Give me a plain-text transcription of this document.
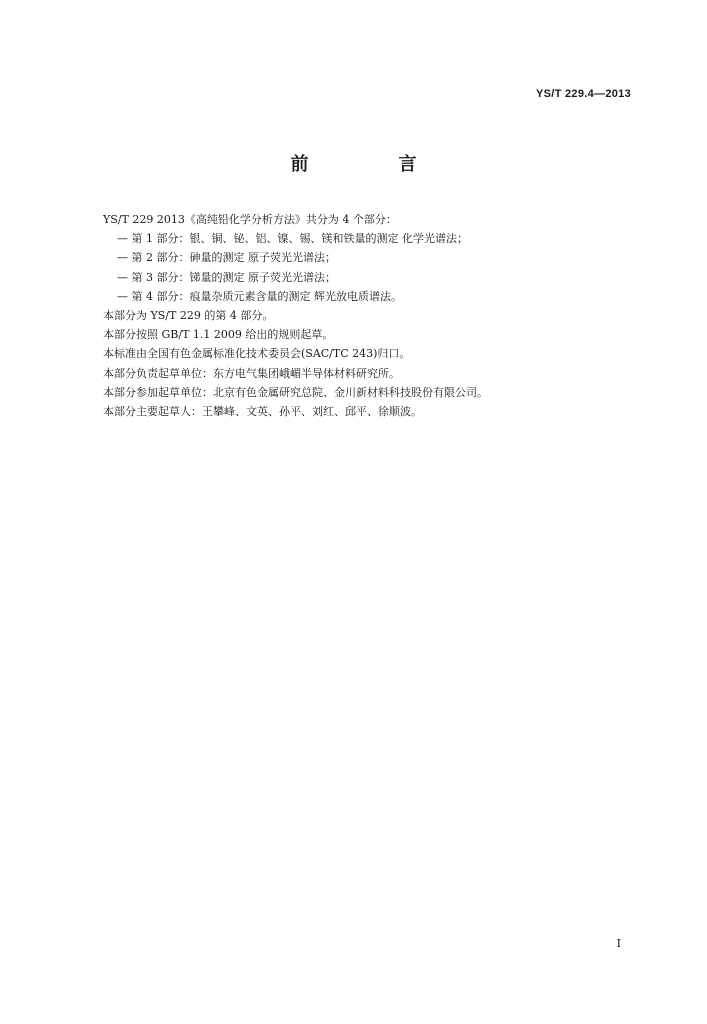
YS/T 229.4—2013
前　言
YS/T 229 2013《高纯铅化学分析方法》共分为 4 个部分：
— 第 1 部分：银、铜、铋、铝、镍、锡、镁和铁量的测定 化学光谱法；
— 第 2 部分：砷量的测定 原子荧光光谱法；
— 第 3 部分：锑量的测定 原子荧光光谱法；
— 第 4 部分：痕量杂质元素含量的测定 辉光放电质谱法。
本部分为 YS/T 229 的第 4 部分。
本部分按照 GB/T 1.1 2009 给出的规则起草。
本标准由全国有色金属标准化技术委员会(SAC/TC 243)归口。
本部分负责起草单位：东方电气集团峨嵋半导体材料研究所。
本部分参加起草单位：北京有色金属研究总院、金川新材料科技股份有限公司。
本部分主要起草人：王攀峰、文英、孙平、刘红、邱平、徐顺波。
I
